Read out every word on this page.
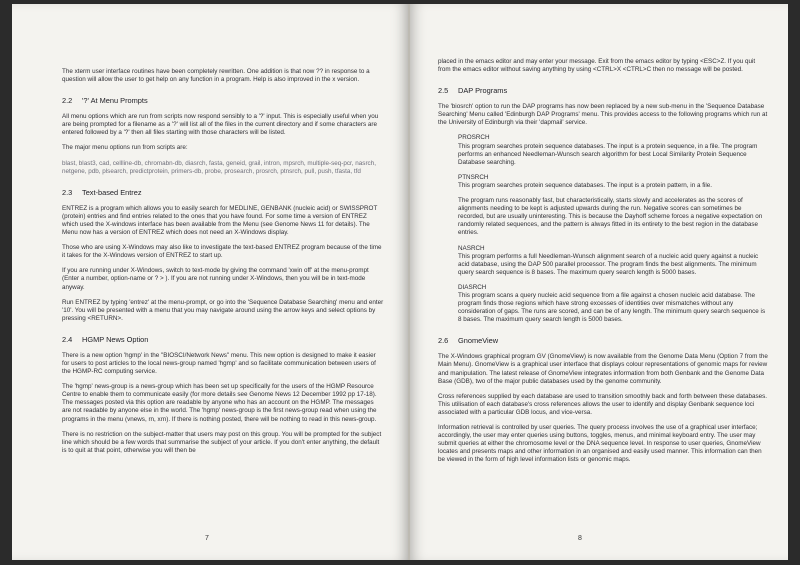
The xterm user interface routines have been completely rewritten. One addition is that now ?? in response to a question will allow the user to get help on any function in a program. Help is also improved in the x version.

2.2 '?' At Menu Prompts

All menu options which are run from scripts now respond sensibly to a '?' input. This is especially useful when you are being prompted for a filename as a '?' will list all of the files in the current directory and if some characters are entered followed by a '?' then all files starting with those characters will be listed.

The major menu options run from scripts are:

blast, blast3, cad, cellline-db, chromabn-db, diasrch, fasta, geneid, grail, intron, mpsrch, multiple-seq-pcr, nasrch, netgene, pdb, plsearch, predictprotein, primers-db, probe, prosearch, prosrch, ptnsrch, pull, push, tfasta, tfd

2.3 Text-based Entrez

ENTREZ is a program which allows you to easily search for MEDLINE, GENBANK (nucleic acid) or SWISSPROT (protein) entries and find entries related to the ones that you have found. For some time a version of ENTREZ which used the X-windows interface has been available from the Menu (see Genome News 11 for details). The Menu now has a version of ENTREZ which does not need an X-Windows display.

Those who are using X-Windows may also like to investigate the text-based ENTREZ program because of the time it takes for the X-Windows version of ENTREZ to start up.

If you are running under X-Windows, switch to text-mode by giving the command 'xwin off' at the menu-prompt (Enter a number, option-name or ? > ). If you are not running under X-Windows, then you will be in text-mode anyway.

Run ENTREZ by typing 'entrez' at the menu-prompt, or go into the 'Sequence Database Searching' menu and enter '10'. You will be presented with a menu that you may navigate around using the arrow keys and select options by pressing <RETURN>.

2.4 HGMP News Option

There is a new option 'hgmp' in the "BIOSCI/Network News" menu. This new option is designed to make it easier for users to post articles to the local news-group named 'hgmp' and so facilitate communication between users of the HGMP-RC computing service.

The 'hgmp' news-group is a news-group which has been set up specifically for the users of the HGMP Resource Centre to enable them to communicate easily (for more details see Genome News 12 December 1992 pp 17-18). The messages posted via this option are readable by anyone who has an account on the HGMP. The messages are not readable by anyone else in the world. The 'hgmp' news-group is the first news-group read when using the programs in the menu (vnews, rn, xrn). If there is nothing posted, there will be nothing to read in this news-group.

There is no restriction on the subject-matter that users may post on this group. You will be prompted for the subject line which should be a few words that summarise the subject of your article. If you don't enter anything, the default is to quit at that point, otherwise you will then be

7

placed in the emacs editor and may enter your message. Exit from the emacs editor by typing <ESC>Z. If you quit from the emacs editor without saving anything by using <CTRL>X <CTRL>C then no message will be posted.

2.5 DAP Programs

The 'biosrch' option to run the DAP programs has now been replaced by a new sub-menu in the 'Sequence Database Searching' Menu called 'Edinburgh DAP Programs' menu. This provides access to the following programs which run at the University of Edinburgh via their 'dapmail' service.

PROSRCH

This program searches protein sequence databases. The input is a protein sequence, in a file. The program performs an enhanced Needleman-Wunsch search algorithm for best Local Similarity Protein Sequence Database searching.

PTNSRCH

This program searches protein sequence databases. The input is a protein pattern, in a file.

The program runs reasonably fast, but characteristically, starts slowly and accelerates as the scores of alignments needing to be kept is adjusted upwards during the run. Negative scores can sometimes be recorded, but are usually uninteresting. This is because the Dayhoff scheme forces a negative expectation on randomly related sequences, and the pattern is always fitted in its entirety to the best region in the database entries.

NASRCH

This program performs a full Needleman-Wunsch alignment search of a nucleic acid query against a nucleic acid database, using the DAP 500 parallel processor. The program finds the best alignments. The minimum query search sequence is 8 bases. The maximum query search length is 5000 bases.

DIASRCH

This program scans a query nucleic acid sequence from a file against a chosen nucleic acid database. The program finds those regions which have strong excesses of identities over mismatches without any consideration of gaps. The runs are scored, and can be of any length. The minimum query search sequence is 8 bases. The maximum query search length is 5000 bases.

2.6 GnomeView

The X-Windows graphical program GV (GnomeView) is now available from the Genome Data Menu (Option 7 from the Main Menu). GnomeView is a graphical user interface that displays colour representations of genomic maps for review and manipulation. The latest release of GnomeView integrates information from both Genbank and the Genome Data Base (GDB), two of the major public databases used by the genome community.

Cross references supplied by each database are used to transition smoothly back and forth between these databases. This utilisation of each database's cross references allows the user to identify and display Genbank sequence loci associated with a particular GDB locus, and vice-versa.

Information retrieval is controlled by user queries. The query process involves the use of a graphical user interface; accordingly, the user may enter queries using buttons, toggles, menus, and minimal keyboard entry. The user may submit queries at either the chromosome level or the DNA sequence level. In response to user queries, GnomeView locates and presents maps and other information in an organised and easily used manner. This information can then be viewed in the form of high level information lists or genomic maps.

8
